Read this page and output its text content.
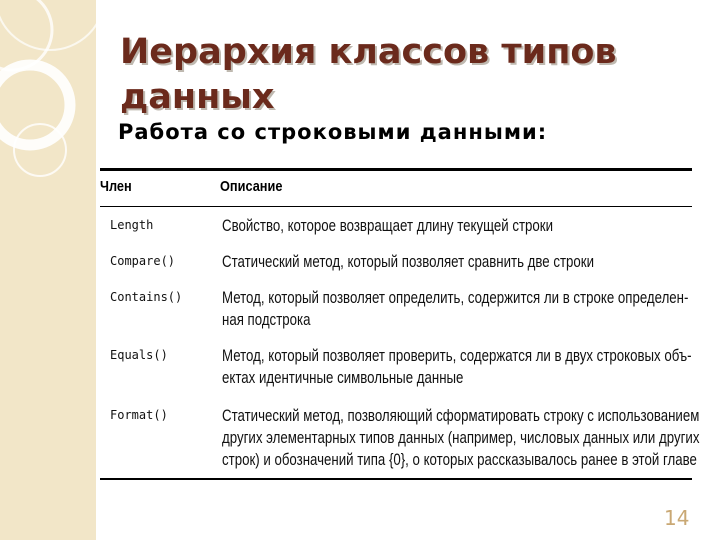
Иерархия классов типов данных
Работа со строковыми данными:
Член	Описание
Length	Свойство, которое возвращает длину текущей строки
Compare()	Статический метод, который позволяет сравнить две строки
Contains() Метод, который позволяет определить, содержится ли в строке определен-
ная подстрока
Equals()	Метод, который позволяет проверить, содержатся ли в двух строковых объ-
ектах идентичные символьные данные
Format()	Статический метод, позволяющий сформатировать строку с использованием
других элементарных типов данных (например, числовых данных или других
строк) и обозначений типа {0}, о которых рассказывалось ранее в этой главе
14
